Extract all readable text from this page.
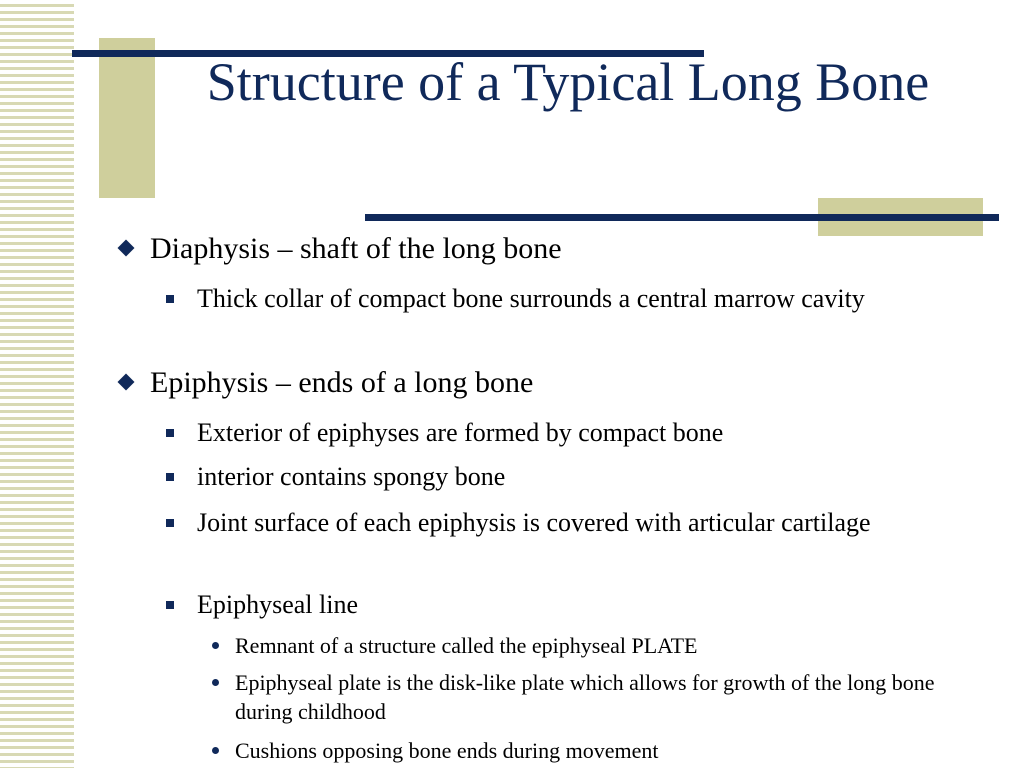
Structure of a Typical Long Bone
Diaphysis – shaft of the long bone
Thick collar of compact bone surrounds a central marrow cavity
Epiphysis – ends of a long bone
Exterior of epiphyses are formed by compact bone
interior contains spongy bone
Joint surface of each epiphysis is covered with articular cartilage
Epiphyseal line
Remnant of a structure called the epiphyseal PLATE
Epiphyseal plate is the disk-like plate which allows for growth of the long bone during childhood
Cushions opposing bone ends during movement
